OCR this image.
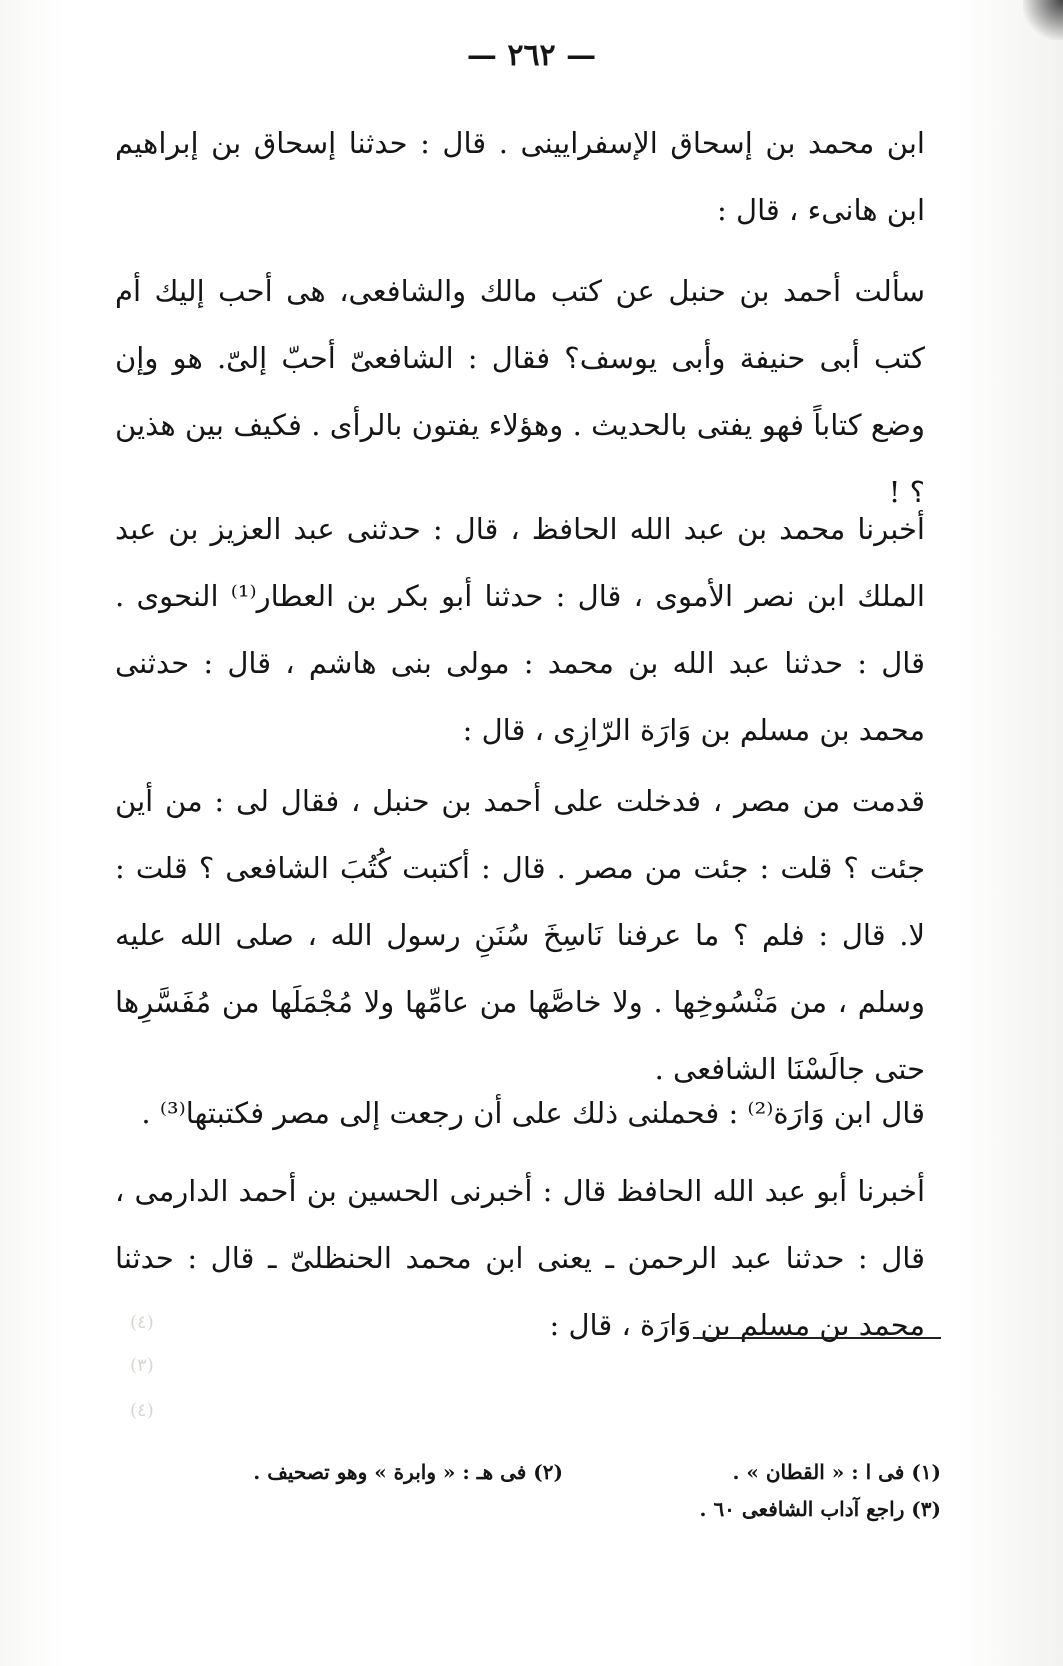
— ٢٦٢ —

ابن محمد بن إسحاق الإسفرايينى . قال : حدثنا إسحاق بن إبراهيم ابن هانىء ، قال :

سألت أحمد بن حنبل عن كتب مالك والشافعى، هى أحب إليك أم كتب أبى حنيفة وأبى يوسف؟ فقال : الشافعىّ أحبّ إلىّ. هو وإن وضع كتاباً فهو يفتى بالحديث . وهؤلاء يفتون بالرأى . فكيف بين هذين ؟ !

أخبرنا محمد بن عبد الله الحافظ ، قال : حدثنى عبد العزيز بن عبد الملك ابن نصر الأموى ، قال : حدثنا أبو بكر بن العطار⁽¹⁾ النحوى . قال : حدثنا عبد الله بن محمد : مولى بنى هاشم ، قال : حدثنى محمد بن مسلم بن وَارَة الرّازِى ، قال :

قدمت من مصر ، فدخلت على أحمد بن حنبل ، فقال لى : من أين جئت ؟ قلت : جئت من مصر . قال : أكتبت كُتُبَ الشافعى ؟ قلت : لا. قال : فلم ؟ ما عرفنا نَاسِخَ سُنَنِ رسول الله ، صلى الله عليه وسلم ، من مَنْسُوخِها . ولا خاصَّها من عامِّها ولا مُجْمَلَها من مُفَسَّرِها حتى جالَسْنَا الشافعى .

قال ابن وَارَة⁽²⁾ : فحملنى ذلك على أن رجعت إلى مصر فكتبتها⁽³⁾ .

أخبرنا أبو عبد الله الحافظ قال : أخبرنى الحسين بن أحمد الدارمى ، قال : حدثنا عبد الرحمن ـ يعنى ابن محمد الحنظلىّ ـ قال : حدثنا محمد بن مسلم بن وَارَة ، قال :

(٤)
(٣)
(٤)
(١) فى ا : « القطان » .
(٢) فى هـ : « وابرة » وهو تصحيف .
(٣) راجع آداب الشافعى ٦٠ .
